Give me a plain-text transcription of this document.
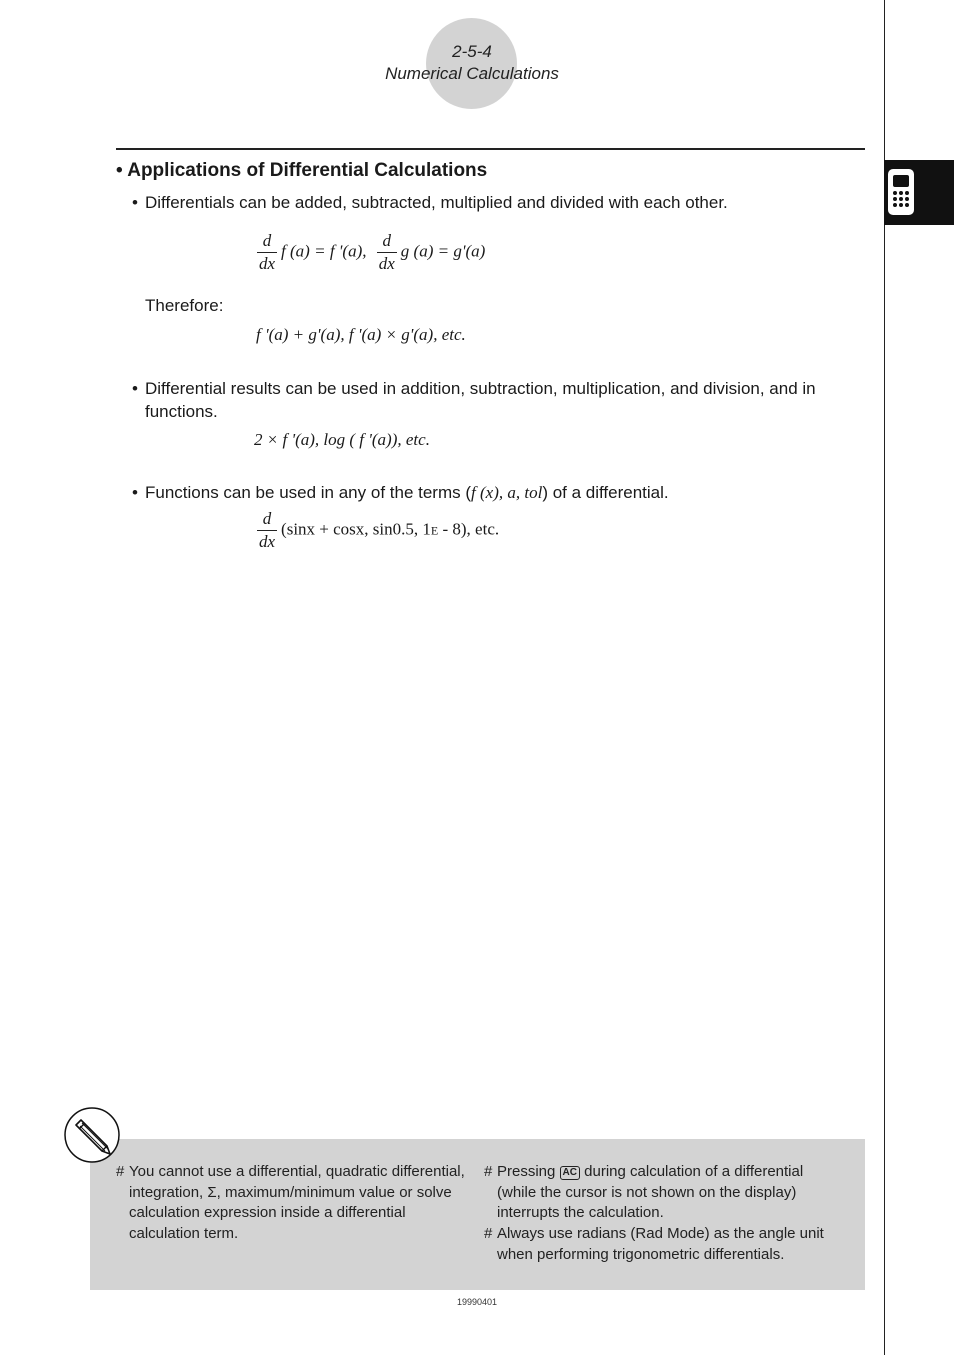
2-5-4
Numerical Calculations
• Applications of Differential Calculations
• Differentials can be added, subtracted, multiplied and divided with each other.
$\frac{d}{dx}$ f (a) = f '(a), $\frac{d}{dx}$ g (a) = g'(a)
Therefore:
f '(a) + g'(a), f '(a) × g'(a), etc.
• Differential results can be used in addition, subtraction, multiplication, and division, and in functions.
2 × f '(a), log ( f '(a)), etc.
• Functions can be used in any of the terms (f (x), a, tol) of a differential.
$\frac{d}{dx} (\sin x + \cos x$, sin0.5, 1E - 8), etc.
# You cannot use a differential, quadratic differential, integration, Σ, maximum/minimum value or solve calculation expression inside a differential calculation term.
# Pressing AC during calculation of a differential (while the cursor is not shown on the display) interrupts the calculation.
# Always use radians (Rad Mode) as the angle unit when performing trigonometric differentials.
19990401
